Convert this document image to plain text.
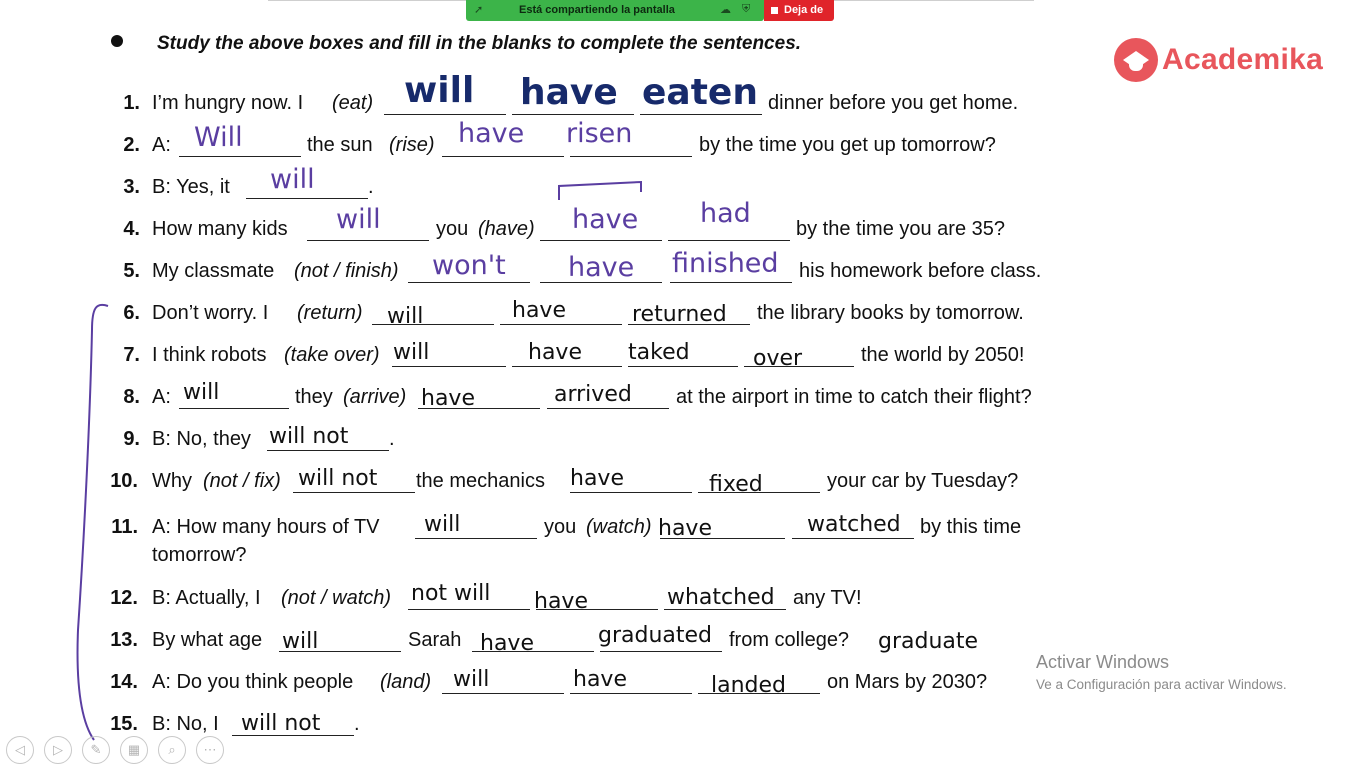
➚	Está compartiendo la pantalla	☁ ⛨	Deja de
Study the above boxes and fill in the blanks to complete the sentences.	Academika
1. I’m hungry now. I (eat)	dinner before you get home.
will have eaten
2. A:	the sun (rise)	by the time you get up tomorrow?
Will	have risen
3. B: Yes, it	.
will
4. How many kids	you (have)	by the time you are 35?
will	have had
5. My classmate (not / finish)	his homework before class.
won't have finished
6. Don’t worry. I (return)	the library books by tomorrow.
will	have	returned
7. I think robots (take over)	the world by 2050!
will	have taked	over
8. A:	they (arrive)	at the airport in time to catch their flight?
will	have	arrived
9. B: No, they	.
will not
10. Why (not / fix)	the mechanics	your car by Tuesday?
will not	have	fixed
11. A: How many hours of TV	you (watch)	by this time
tomorrow?
will	have	watched
12. B: Actually, I (not / watch)	any TV!
not will have	whatched
13. By what age	Sarah	from college?
will	have	graduated	graduate
14. A: Do you think people (land)	on Mars by 2030?
will	have	landed
15. B: No, I	.
will not
Activar Windows
Ve a Configuración para activar Windows.
◁	▷	✎	▦	⌕	⋯
